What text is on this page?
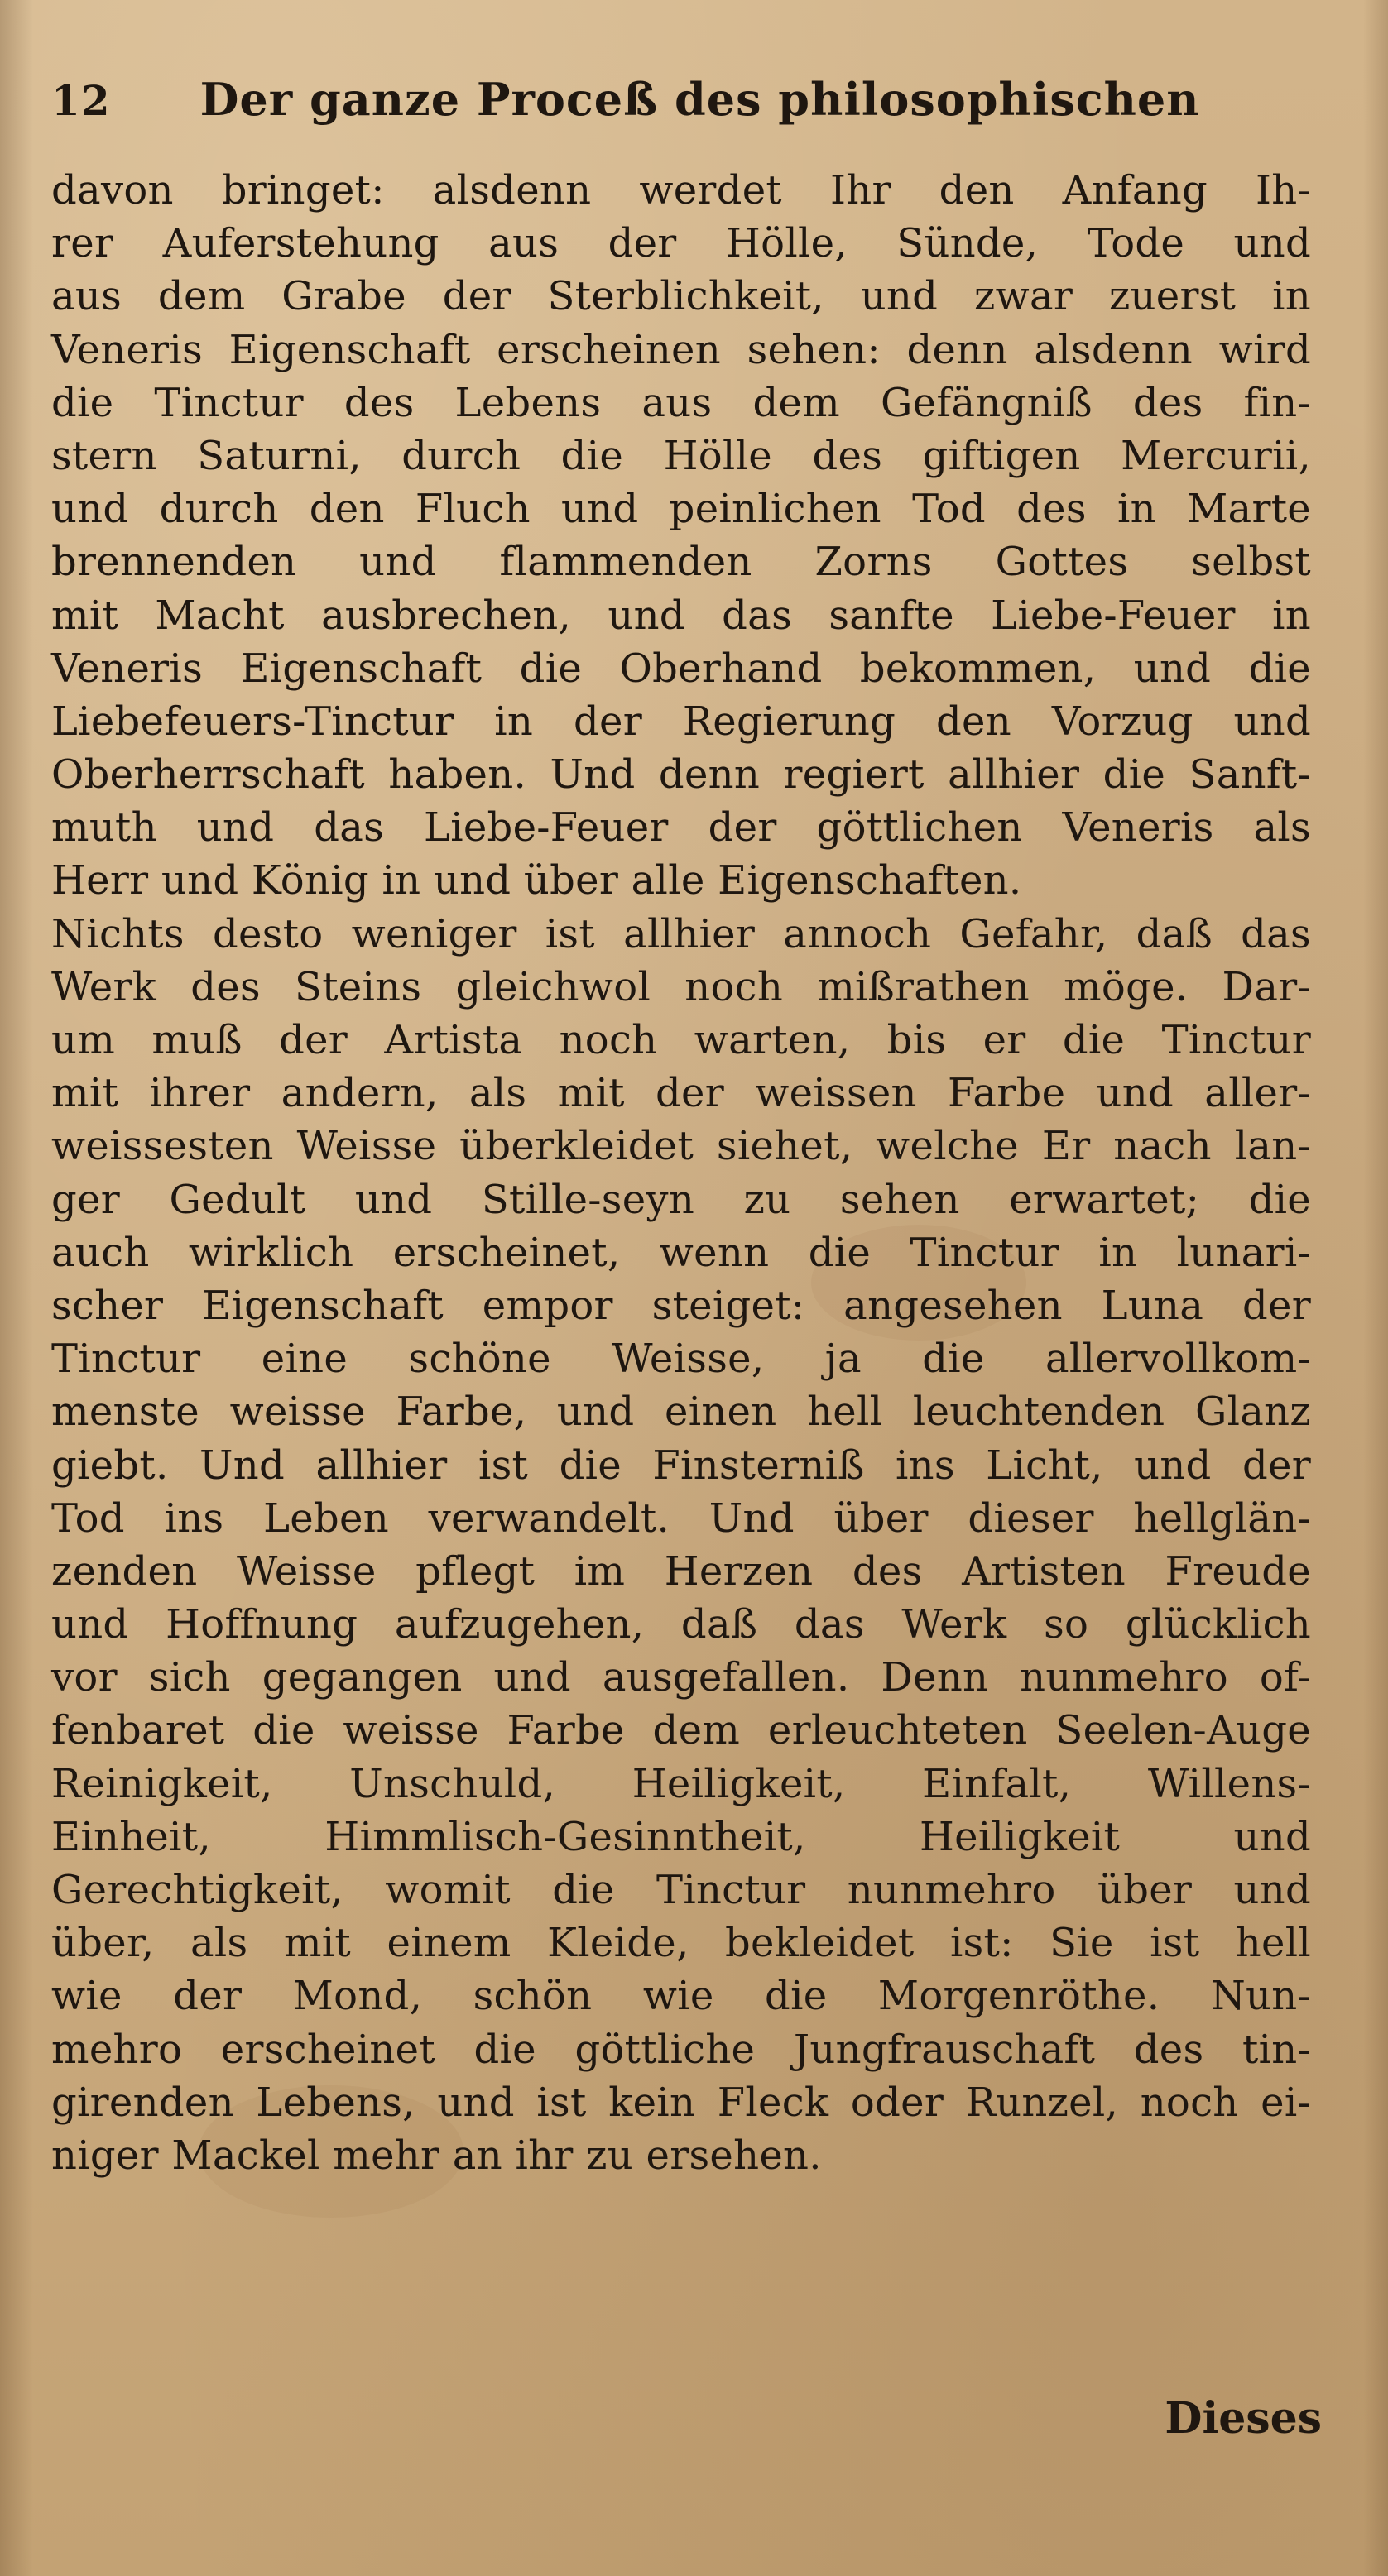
12 Der ganze Proceß des philosophischen
davon bringet: alsdenn werdet Ihr den Anfang Ih-
rer Auferstehung aus der Hölle, Sünde, Tode und
aus dem Grabe der Sterblichkeit, und zwar zuerst in
Veneris Eigenschaft erscheinen sehen: denn alsdenn wird
die Tinctur des Lebens aus dem Gefängniß des fin-
stern Saturni, durch die Hölle des giftigen Mercurii,
und durch den Fluch und peinlichen Tod des in Marte
brennenden und flammenden Zorns Gottes selbst
mit Macht ausbrechen, und das sanfte Liebe-Feuer in
Veneris Eigenschaft die Oberhand bekommen, und die
Liebefeuers-Tinctur in der Regierung den Vorzug und
Oberherrschaft haben. Und denn regiert allhier die Sanft-
muth und das Liebe-Feuer der göttlichen Veneris als
Herr und König in und über alle Eigenschaften.
Nichts desto weniger ist allhier annoch Gefahr, daß das
Werk des Steins gleichwol noch mißrathen möge. Dar-
um muß der Artista noch warten, bis er die Tinctur
mit ihrer andern, als mit der weissen Farbe und aller-
weissesten Weisse überkleidet siehet, welche Er nach lan-
ger Gedult und Stille-seyn zu sehen erwartet; die
auch wirklich erscheinet, wenn die Tinctur in lunari-
scher Eigenschaft empor steiget: angesehen Luna der
Tinctur eine schöne Weisse, ja die allervollkom-
menste weisse Farbe, und einen hell leuchtenden Glanz
giebt. Und allhier ist die Finsterniß ins Licht, und der
Tod ins Leben verwandelt. Und über dieser hellglän-
zenden Weisse pflegt im Herzen des Artisten Freude
und Hoffnung aufzugehen, daß das Werk so glücklich
vor sich gegangen und ausgefallen. Denn nunmehro of-
fenbaret die weisse Farbe dem erleuchteten Seelen-Auge
Reinigkeit, Unschuld, Heiligkeit, Einfalt, Willens-
Einheit, Himmlisch-Gesinntheit, Heiligkeit und
Gerechtigkeit, womit die Tinctur nunmehro über und
über, als mit einem Kleide, bekleidet ist: Sie ist hell
wie der Mond, schön wie die Morgenröthe. Nun-
mehro erscheinet die göttliche Jungfrauschaft des tin-
girenden Lebens, und ist kein Fleck oder Runzel, noch ei-
niger Mackel mehr an ihr zu ersehen.
Dieses
